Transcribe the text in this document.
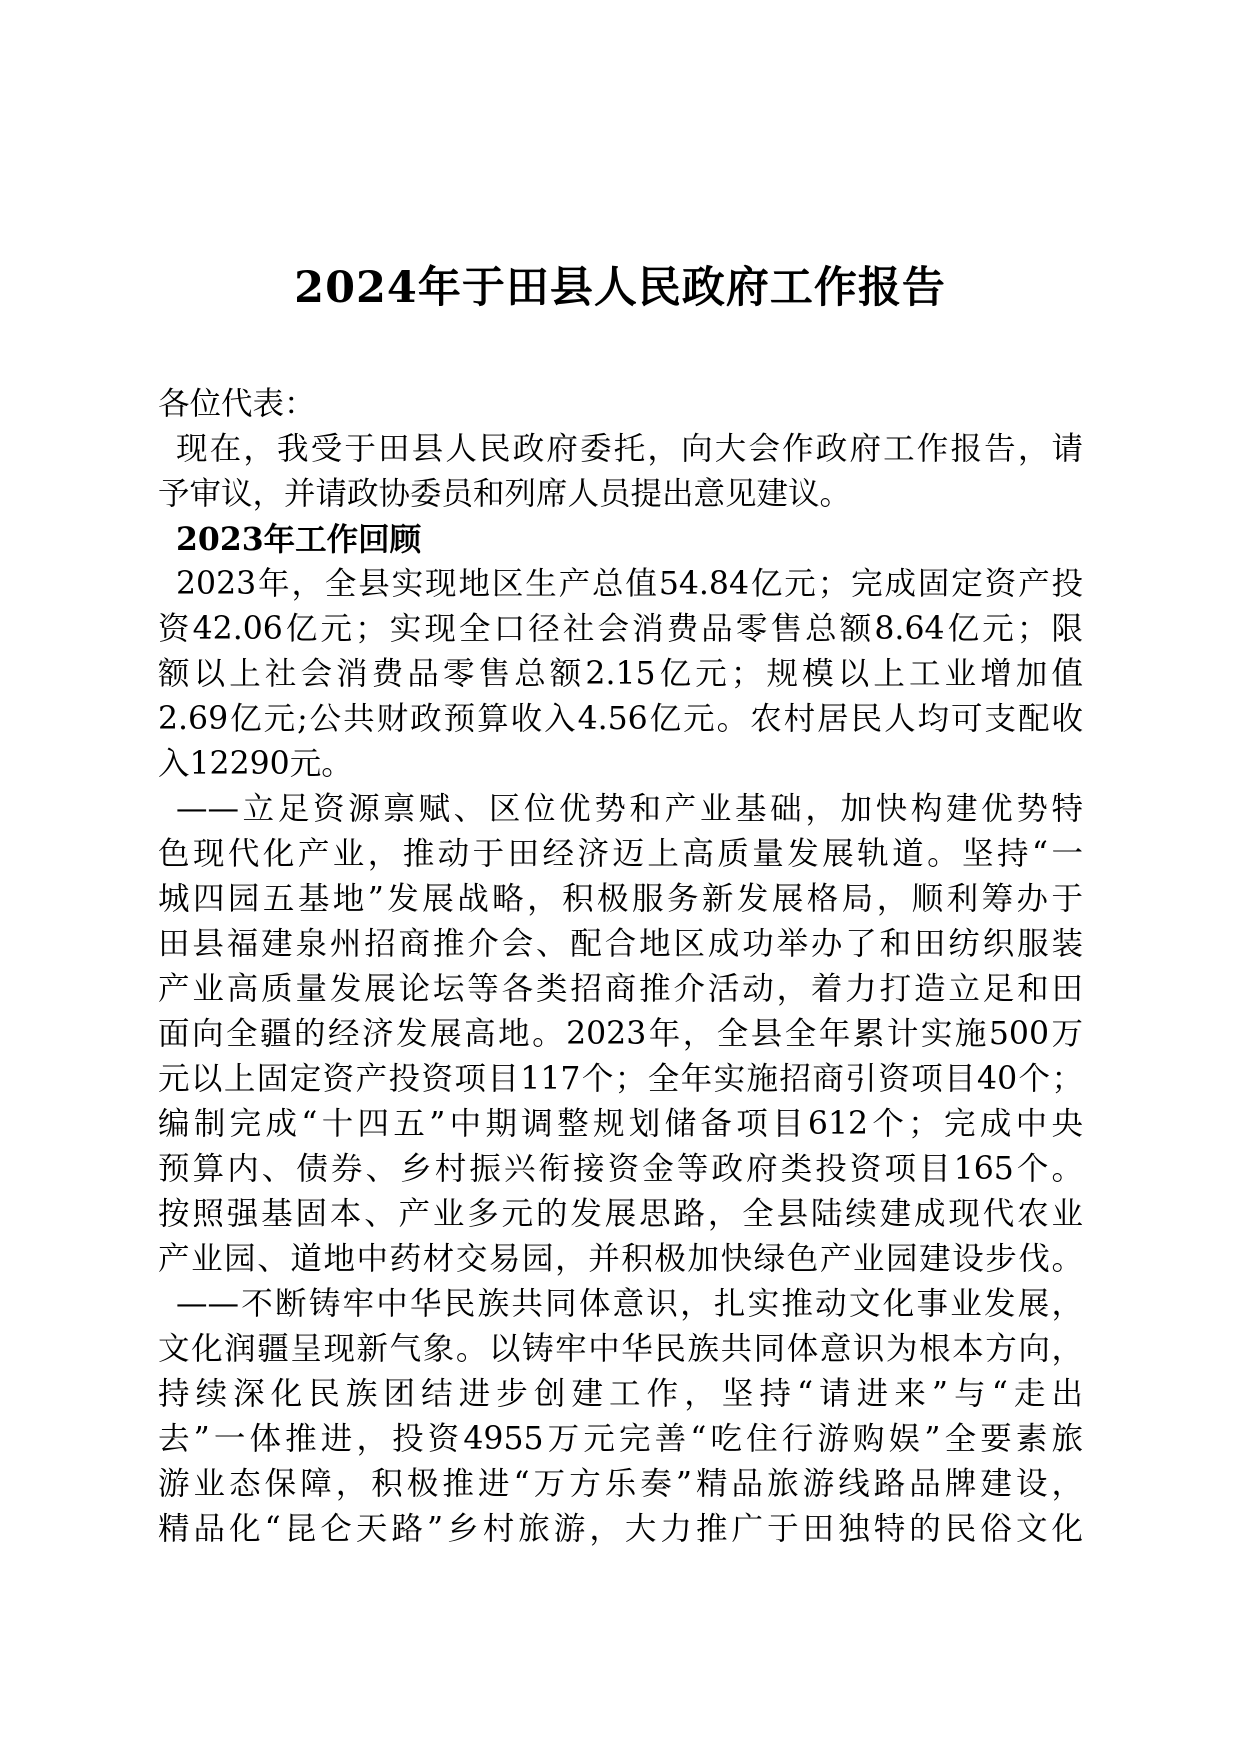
2024年于田县人民政府工作报告
各位代表：
现在，我受于田县人民政府委托，向大会作政府工作报告，请
予审议，并请政协委员和列席人员提出意见建议。
2023年工作回顾
2023年，全县实现地区生产总值54.84亿元；完成固定资产投
资42.06亿元；实现全口径社会消费品零售总额8.64亿元；限
额以上社会消费品零售总额2.15亿元；规模以上工业增加值
2.69亿元;公共财政预算收入4.56亿元。农村居民人均可支配收
入12290元。
——立足资源禀赋、区位优势和产业基础，加快构建优势特
色现代化产业，推动于田经济迈上高质量发展轨道。坚持“一
城四园五基地”发展战略，积极服务新发展格局，顺利筹办于
田县福建泉州招商推介会、配合地区成功举办了和田纺织服装
产业高质量发展论坛等各类招商推介活动，着力打造立足和田
面向全疆的经济发展高地。2023年，全县全年累计实施500万
元以上固定资产投资项目117个；全年实施招商引资项目40个；
编制完成“十四五”中期调整规划储备项目612个；完成中央
预算内、债券、乡村振兴衔接资金等政府类投资项目165个。
按照强基固本、产业多元的发展思路，全县陆续建成现代农业
产业园、道地中药材交易园，并积极加快绿色产业园建设步伐。
——不断铸牢中华民族共同体意识，扎实推动文化事业发展，
文化润疆呈现新气象。以铸牢中华民族共同体意识为根本方向，
持续深化民族团结进步创建工作，坚持“请进来”与“走出
去”一体推进，投资4955万元完善“吃住行游购娱”全要素旅
游业态保障，积极推进“万方乐奏”精品旅游线路品牌建设，
精品化“昆仑天路”乡村旅游，大力推广于田独特的民俗文化
